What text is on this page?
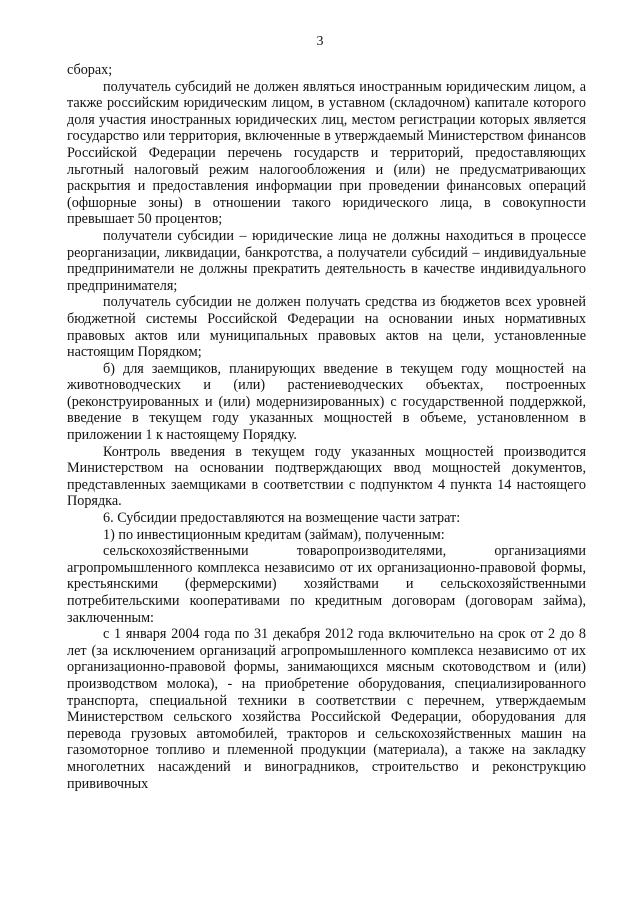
3

сборах;

получатель субсидий не должен являться иностранным юридическим лицом, а также российским юридическим лицом, в уставном (складочном) капитале которого доля участия иностранных юридических лиц, местом регистрации которых является государство или территория, включенные в утверждаемый Министерством финансов Российской Федерации перечень государств и территорий, предоставляющих льготный налоговый режим налогообложения и (или) не предусматривающих раскрытия и предоставления информации при проведении финансовых операций (офшорные зоны) в отношении такого юридического лица, в совокупности превышает 50 процентов;

получатели субсидии – юридические лица не должны находиться в процессе реорганизации, ликвидации, банкротства, а получатели субсидий – индивидуальные предприниматели не должны прекратить деятельность в качестве индивидуального предпринимателя;

получатель субсидии не должен получать средства из бюджетов всех уровней бюджетной системы Российской Федерации на основании иных нормативных правовых актов или муниципальных правовых актов на цели, установленные настоящим Порядком;

б) для заемщиков, планирующих введение в текущем году мощностей на животноводческих и (или) растениеводческих объектах, построенных (реконструированных и (или) модернизированных) с государственной поддержкой, введение в текущем году указанных мощностей в объеме, установленном в приложении 1 к настоящему Порядку.

Контроль введения в текущем году указанных мощностей производится Министерством на основании подтверждающих ввод мощностей документов, представленных заемщиками в соответствии с подпунктом 4 пункта 14 настоящего Порядка.

6. Субсидии предоставляются на возмещение части затрат:

1) по инвестиционным кредитам (займам), полученным:

сельскохозяйственными товаропроизводителями, организациями агропромышленного комплекса независимо от их организационно-правовой формы, крестьянскими (фермерскими) хозяйствами и сельскохозяйственными потребительскими кооперативами по кредитным договорам (договорам займа), заключенным:

с 1 января 2004 года по 31 декабря 2012 года включительно на срок от 2 до 8 лет (за исключением организаций агропромышленного комплекса независимо от их организационно-правовой формы, занимающихся мясным скотоводством и (или) производством молока), - на приобретение оборудования, специализированного транспорта, специальной техники в соответствии с перечнем, утверждаемым Министерством сельского хозяйства Российской Федерации, оборудования для перевода грузовых автомобилей, тракторов и сельскохозяйственных машин на газомоторное топливо и племенной продукции (материала), а также на закладку многолетних насаждений и виноградников, строительство и реконструкцию прививочных
